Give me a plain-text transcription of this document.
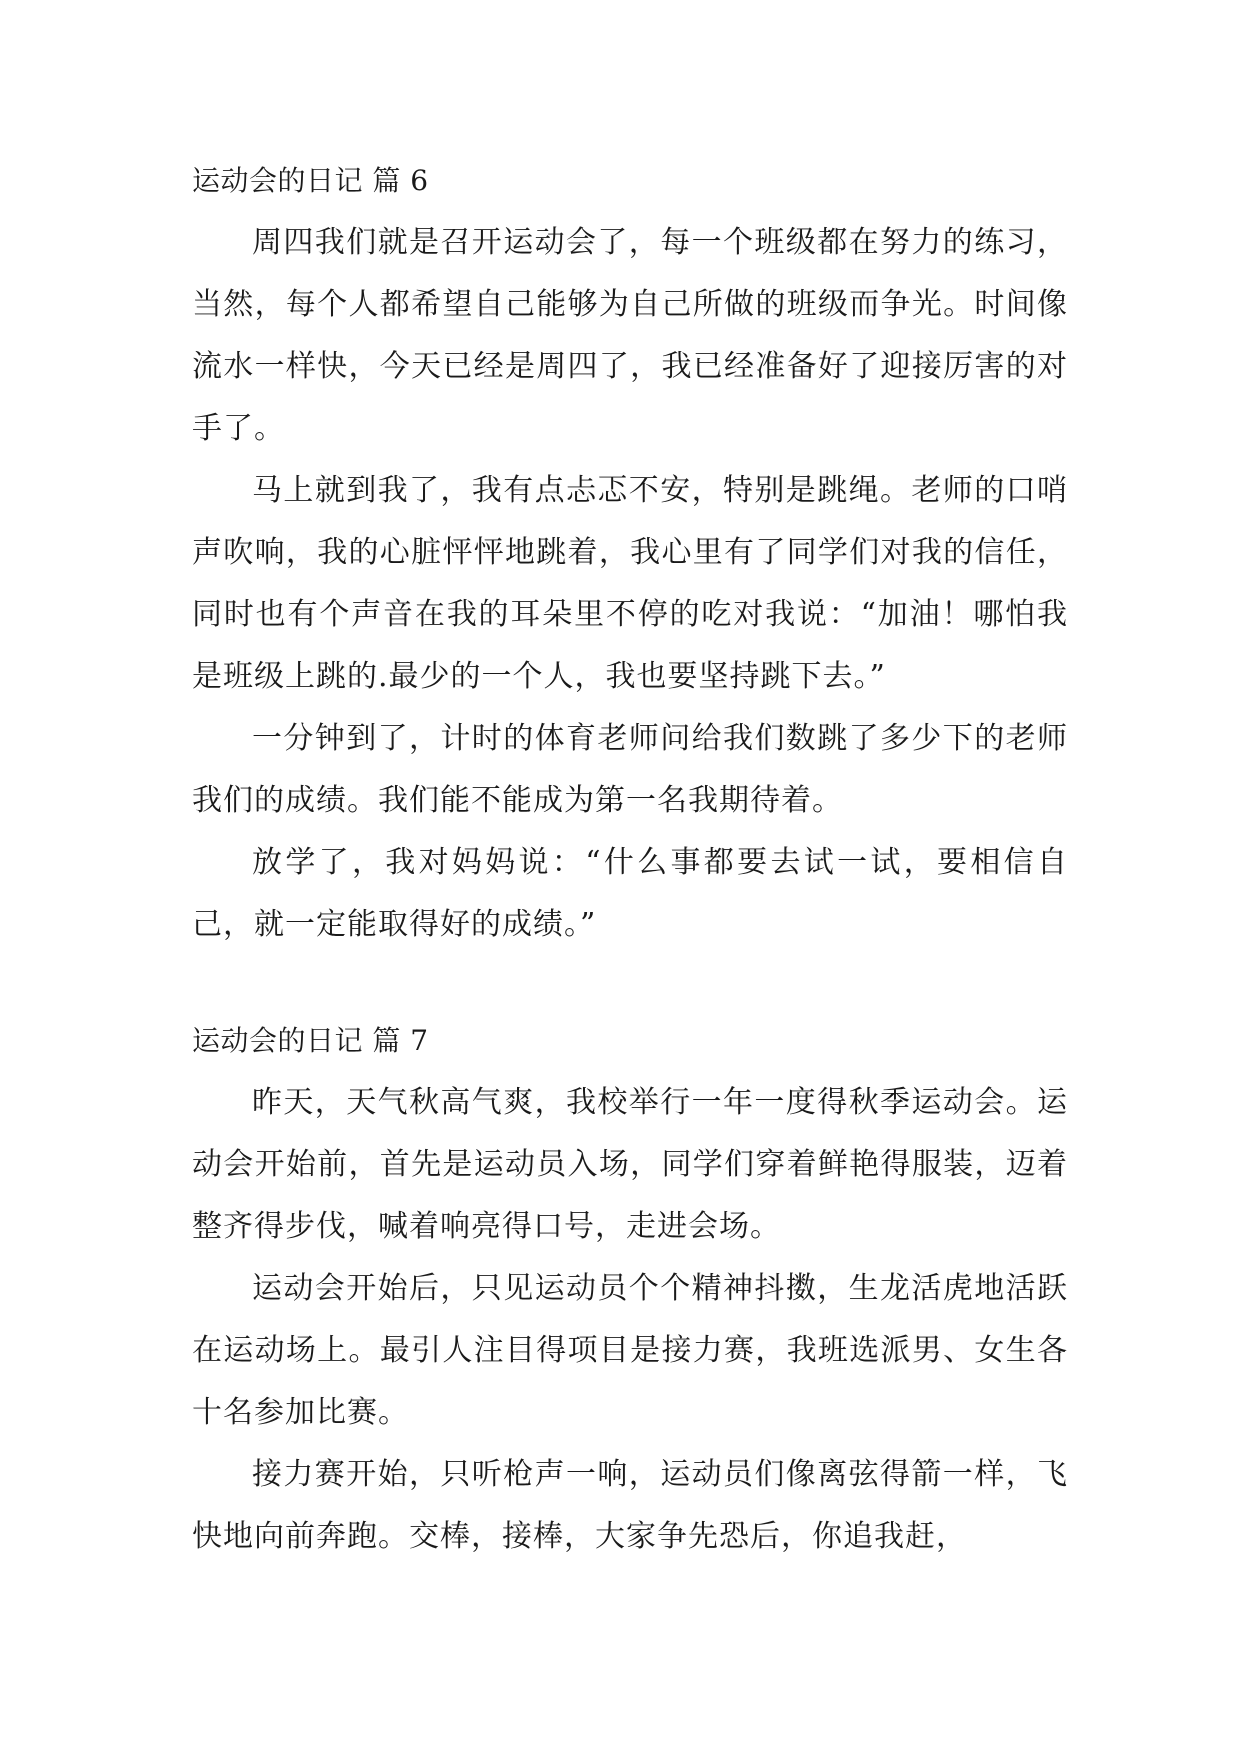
运动会的日记 篇 6

周四我们就是召开运动会了，每一个班级都在努力的练习，当然，每个人都希望自己能够为自己所做的班级而争光。时间像流水一样快，今天已经是周四了，我已经准备好了迎接厉害的对手了。

马上就到我了，我有点忐忑不安，特别是跳绳。老师的口哨声吹响，我的心脏怦怦地跳着，我心里有了同学们对我的信任，同时也有个声音在我的耳朵里不停的吃对我说：“加油！哪怕我是班级上跳的.最少的一个人，我也要坚持跳下去。”

一分钟到了，计时的体育老师问给我们数跳了多少下的老师我们的成绩。我们能不能成为第一名我期待着。

放学了，我对妈妈说：“什么事都要去试一试，要相信自己，就一定能取得好的成绩。”

运动会的日记 篇 7

昨天，天气秋高气爽，我校举行一年一度得秋季运动会。运动会开始前，首先是运动员入场，同学们穿着鲜艳得服装，迈着整齐得步伐，喊着响亮得口号，走进会场。

运动会开始后，只见运动员个个精神抖擞，生龙活虎地活跃在运动场上。最引人注目得项目是接力赛，我班选派男、女生各十名参加比赛。

接力赛开始，只听枪声一响，运动员们像离弦得箭一样，飞快地向前奔跑。交棒，接棒，大家争先恐后，你追我赶，
